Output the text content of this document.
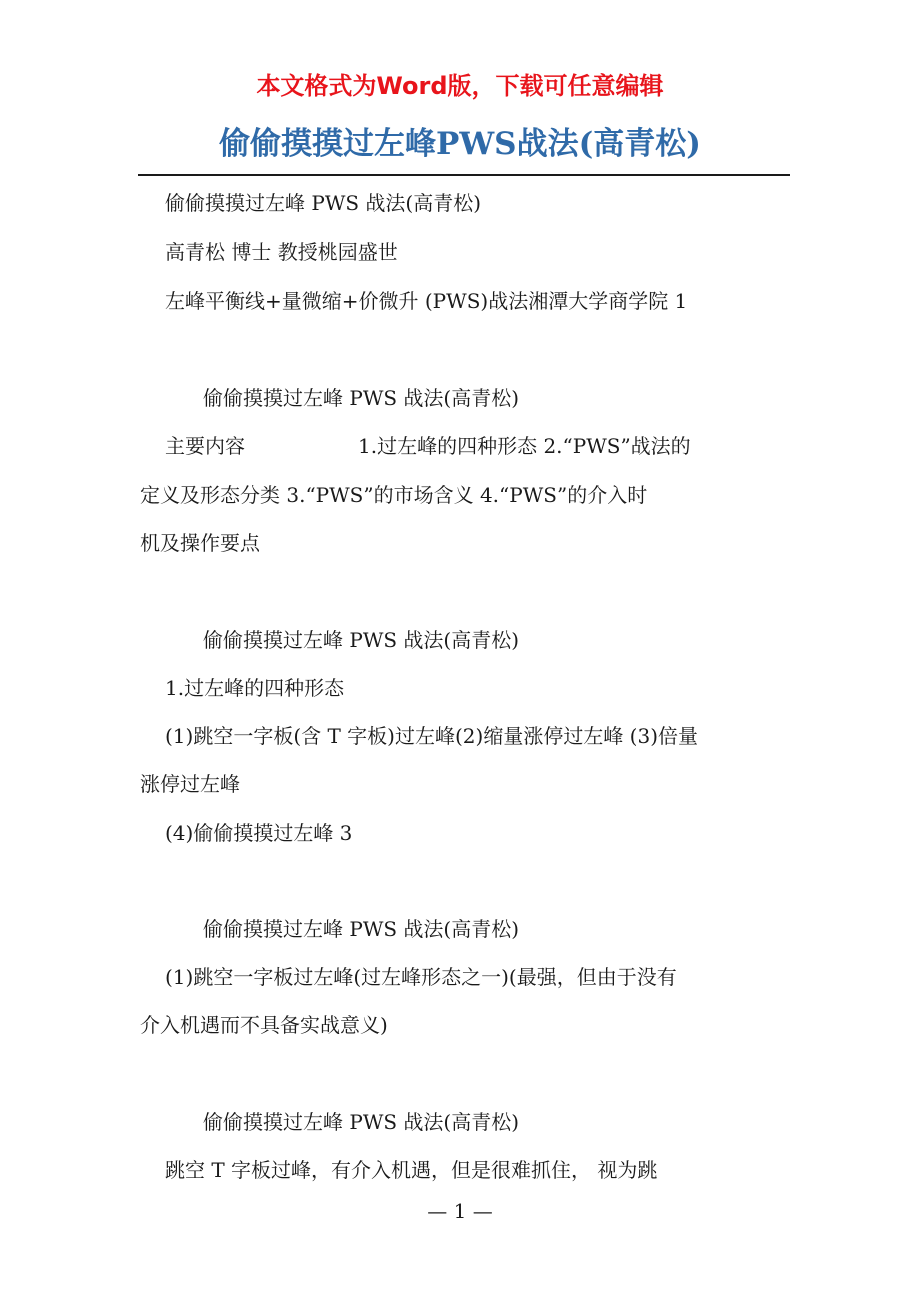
本文格式为Word版，下载可任意编辑
偷偷摸摸过左峰PWS战法(高青松)
偷偷摸摸过左峰 PWS 战法(高青松)
高青松 博士 教授桃园盛世
左峰平衡线+量微缩+价微升 (PWS)战法湘潭大学商学院 1
偷偷摸摸过左峰 PWS 战法(高青松)
主要内容	1.过左峰的四种形态 2.“PWS”战法的
定义及形态分类 3.“PWS”的市场含义 4.“PWS”的介入时
机及操作要点
偷偷摸摸过左峰 PWS 战法(高青松)
1.过左峰的四种形态
(1)跳空一字板(含 T 字板)过左峰(2)缩量涨停过左峰 (3)倍量
涨停过左峰
(4)偷偷摸摸过左峰 3
偷偷摸摸过左峰 PWS 战法(高青松)
(1)跳空一字板过左峰(过左峰形态之一)(最强，但由于没有
介入机遇而不具备实战意义)
偷偷摸摸过左峰 PWS 战法(高青松)
跳空 T 字板过峰，有介入机遇，但是很难抓住， 视为跳
— 1 —
